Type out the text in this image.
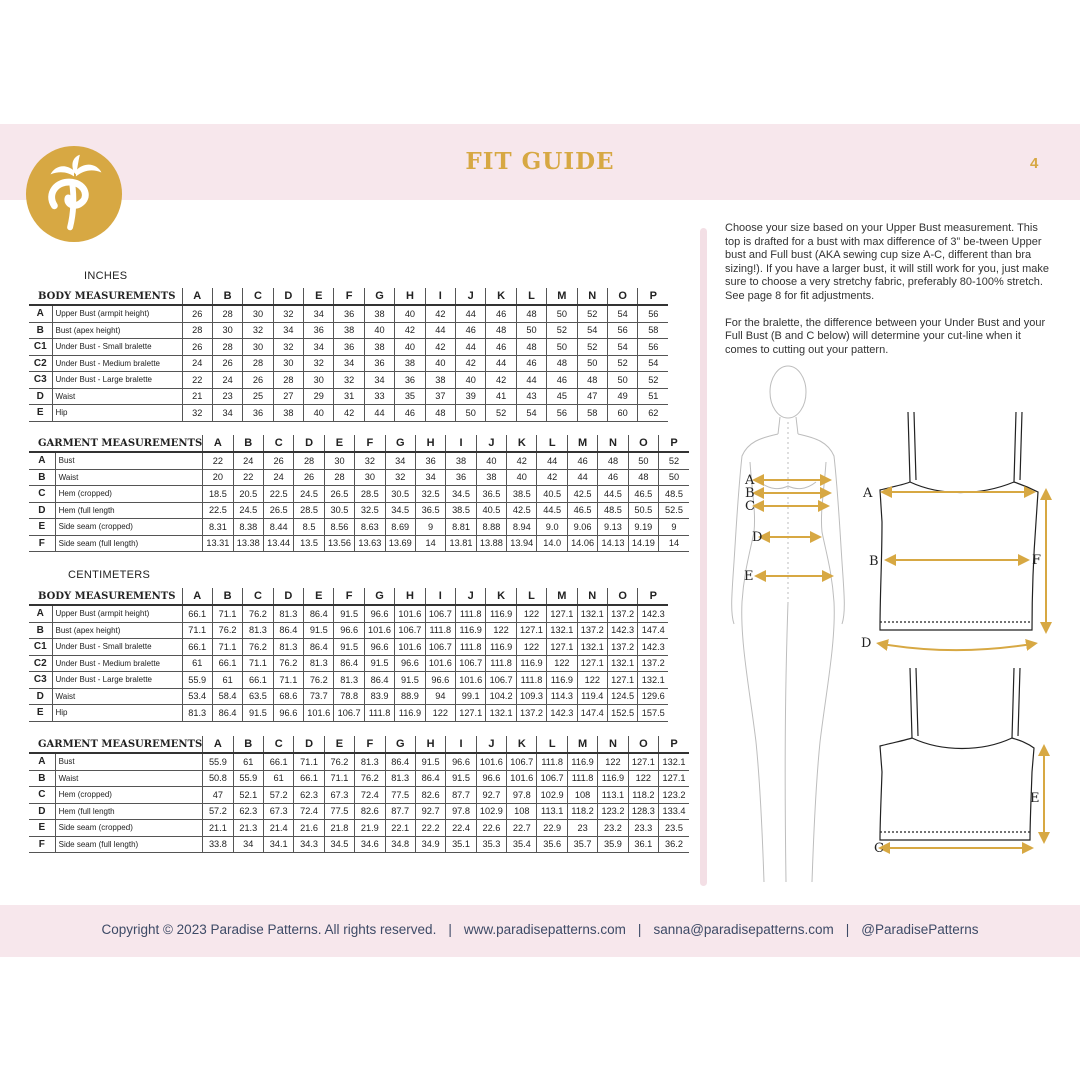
FIT GUIDE	4
INCHES
BODY MEASUREMENTS		A	B	C	D	E	F	G	H	I	J	K	L	M	N	O	P
A	Upper Bust (armpit height)	26	28	30	32	34	36	38	40	42	44	46	48	50	52	54	56
B	Bust (apex height)	28	30	32	34	36	38	40	42	44	46	48	50	52	54	56	58
C1	Under Bust - Small bralette	26	28	30	32	34	36	38	40	42	44	46	48	50	52	54	56
C2	Under Bust - Medium bralette	24	26	28	30	32	34	36	38	40	42	44	46	48	50	52	54
C3	Under Bust - Large bralette	22	24	26	28	30	32	34	36	38	40	42	44	46	48	50	52
D	Waist	21	23	25	27	29	31	33	35	37	39	41	43	45	47	49	51
E	Hip	32	34	36	38	40	42	44	46	48	50	52	54	56	58	60	62
GARMENT MEASUREMENTS		A	B	C	D	E	F	G	H	I	J	K	L	M	N	O	P
A	Bust	22	24	26	28	30	32	34	36	38	40	42	44	46	48	50	52
B	Waist	20	22	24	26	28	30	32	34	36	38	40	42	44	46	48	50
C	Hem (cropped)	18.5	20.5	22.5	24.5	26.5	28.5	30.5	32.5	34.5	36.5	38.5	40.5	42.5	44.5	46.5	48.5
D	Hem (full length	22.5	24.5	26.5	28.5	30.5	32.5	34.5	36.5	38.5	40.5	42.5	44.5	46.5	48.5	50.5	52.5
E	Side seam (cropped)	8.31	8.38	8.44	8.5	8.56	8.63	8.69	9	8.81	8.88	8.94	9.0	9.06	9.13	9.19	9
F	Side seam (full length)	13.31	13.38	13.44	13.5	13.56	13.63	13.69	14	13.81	13.88	13.94	14.0	14.06	14.13	14.19	14
CENTIMETERS
BODY MEASUREMENTS		A	B	C	D	E	F	G	H	I	J	K	L	M	N	O	P
A	Upper Bust (armpit height)	66.1	71.1	76.2	81.3	86.4	91.5	96.6	101.6	106.7	111.8	116.9	122	127.1	132.1	137.2	142.3
B	Bust (apex height)	71.1	76.2	81.3	86.4	91.5	96.6	101.6	106.7	111.8	116.9	122	127.1	132.1	137.2	142.3	147.4
C1	Under Bust - Small bralette	66.1	71.1	76.2	81.3	86.4	91.5	96.6	101.6	106.7	111.8	116.9	122	127.1	132.1	137.2	142.3
C2	Under Bust - Medium bralette	61	66.1	71.1	76.2	81.3	86.4	91.5	96.6	101.6	106.7	111.8	116.9	122	127.1	132.1	137.2
C3	Under Bust - Large bralette	55.9	61	66.1	71.1	76.2	81.3	86.4	91.5	96.6	101.6	106.7	111.8	116.9	122	127.1	132.1
D	Waist	53.4	58.4	63.5	68.6	73.7	78.8	83.9	88.9	94	99.1	104.2	109.3	114.3	119.4	124.5	129.6
E	Hip	81.3	86.4	91.5	96.6	101.6	106.7	111.8	116.9	122	127.1	132.1	137.2	142.3	147.4	152.5	157.5
GARMENT MEASUREMENTS		A	B	C	D	E	F	G	H	I	J	K	L	M	N	O	P
A	Bust	55.9	61	66.1	71.1	76.2	81.3	86.4	91.5	96.6	101.6	106.7	111.8	116.9	122	127.1	132.1
B	Waist	50.8	55.9	61	66.1	71.1	76.2	81.3	86.4	91.5	96.6	101.6	106.7	111.8	116.9	122	127.1
C	Hem (cropped)	47	52.1	57.2	62.3	67.3	72.4	77.5	82.6	87.7	92.7	97.8	102.9	108	113.1	118.2	123.2
D	Hem (full length	57.2	62.3	67.3	72.4	77.5	82.6	87.7	92.7	97.8	102.9	108	113.1	118.2	123.2	128.3	133.4
E	Side seam (cropped)	21.1	21.3	21.4	21.6	21.8	21.9	22.1	22.2	22.4	22.6	22.7	22.9	23	23.2	23.3	23.5
F	Side seam (full length)	33.8	34	34.1	34.3	34.5	34.6	34.8	34.9	35.1	35.3	35.4	35.6	35.7	35.9	36.1	36.2

Choose your size based on your Upper Bust measurement. This top is drafted for a bust with max difference of 3” be-tween Upper bust and Full bust (AKA sewing cup size A-C, different than bra sizing!). If you have a larger bust, it will still work for you, just make sure to choose a very stretchy fabric, preferably 80-100% stretch. See page 8 for fit adjustments.

For the bralette, the difference between your Under Bust and your Full Bust (B and C below) will determine your cut-line when it comes to cutting out your pattern.

A
B
C
D
E
A
B	F
D
E
C
Copyright © 2023 Paradise Patterns. All rights reserved. | www.paradisepatterns.com | sanna@paradisepatterns.com | @ParadisePatterns
